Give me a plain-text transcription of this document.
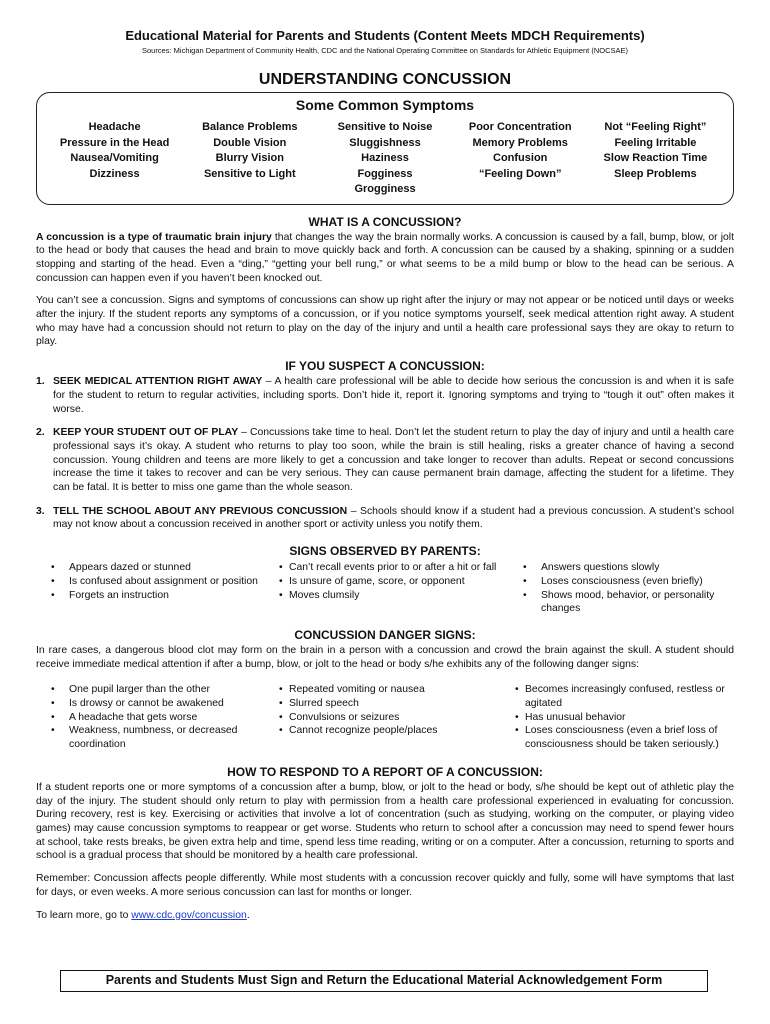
Educational Material for Parents and Students (Content Meets MDCH Requirements)
Sources: Michigan Department of Community Health, CDC and the National Operating Committee on Standards for Athletic Equipment (NOCSAE)
UNDERSTANDING CONCUSSION
Some Common Symptoms
Headache
Pressure in the Head
Nausea/Vomiting
Dizziness
Balance Problems
Double Vision
Blurry Vision
Sensitive to Light
Sensitive to Noise
Sluggishness
Haziness
Fogginess
Grogginess
Poor Concentration
Memory Problems
Confusion
“Feeling Down”
Not “Feeling Right”
Feeling Irritable
Slow Reaction Time
Sleep Problems
WHAT IS A CONCUSSION?

A concussion is a type of traumatic brain injury that changes the way the brain normally works. A concussion is caused by a fall, bump, blow, or jolt to the head or body that causes the head and brain to move quickly back and forth. A concussion can be caused by a shaking, spinning or a sudden stopping and starting of the head. Even a “ding,” “getting your bell rung,” or what seems to be a mild bump or blow to the head can be serious. A concussion can happen even if you haven’t been knocked out.

You can’t see a concussion. Signs and symptoms of concussions can show up right after the injury or may not appear or be noticed until days or weeks after the injury. If the student reports any symptoms of a concussion, or if you notice symptoms yourself, seek medical attention right away. A student who may have had a concussion should not return to play on the day of the injury and until a health care professional says they are okay to return to play.

IF YOU SUSPECT A CONCUSSION:
1. SEEK MEDICAL ATTENTION RIGHT AWAY – A health care professional will be able to decide how serious the concussion is and when it is safe for the student to return to regular activities, including sports. Don’t hide it, report it. Ignoring symptoms and trying to “tough it out” often makes it worse.
2. KEEP YOUR STUDENT OUT OF PLAY – Concussions take time to heal. Don’t let the student return to play the day of injury and until a health care professional says it’s okay. A student who returns to play too soon, while the brain is still healing, risks a greater chance of having a second concussion. Young children and teens are more likely to get a concussion and take longer to recover than adults. Repeat or second concussions increase the time it takes to recover and can be very serious. They can cause permanent brain damage, affecting the student for a lifetime. They can be fatal. It is better to miss one game than the whole season.
3. TELL THE SCHOOL ABOUT ANY PREVIOUS CONCUSSION – Schools should know if a student had a previous concussion. A student’s school may not know about a concussion received in another sport or activity unless you notify them.
SIGNS OBSERVED BY PARENTS:
• Appears dazed or stunned
• Is confused about assignment or position
• Forgets an instruction
• Can’t recall events prior to or after a hit or fall
• Is unsure of game, score, or opponent
• Moves clumsily
• Answers questions slowly
• Loses consciousness (even briefly)
• Shows mood, behavior, or personality changes
CONCUSSION DANGER SIGNS:

In rare cases, a dangerous blood clot may form on the brain in a person with a concussion and crowd the brain against the skull. A student should receive immediate medical attention if after a bump, blow, or jolt to the head or body s/he exhibits any of the following danger signs:

• One pupil larger than the other
• Is drowsy or cannot be awakened
• A headache that gets worse
• Weakness, numbness, or decreased coordination
• Repeated vomiting or nausea
• Slurred speech
• Convulsions or seizures
• Cannot recognize people/places
• Becomes increasingly confused, restless or agitated
• Has unusual behavior
• Loses consciousness (even a brief loss of consciousness should be taken seriously.)
HOW TO RESPOND TO A REPORT OF A CONCUSSION:

If a student reports one or more symptoms of a concussion after a bump, blow, or jolt to the head or body, s/he should be kept out of athletic play the day of the injury. The student should only return to play with permission from a health care professional experienced in evaluating for concussion. During recovery, rest is key. Exercising or activities that involve a lot of concentration (such as studying, working on the computer, or playing video games) may cause concussion symptoms to reappear or get worse. Students who return to school after a concussion may need to spend fewer hours at school, take rests breaks, be given extra help and time, spend less time reading, writing or on a computer. After a concussion, returning to sports and school is a gradual process that should be monitored by a health care professional.

Remember: Concussion affects people differently. While most students with a concussion recover quickly and fully, some will have symptoms that last for days, or even weeks. A more serious concussion can last for months or longer.

To learn more, go to www.cdc.gov/concussion.

Parents and Students Must Sign and Return the Educational Material Acknowledgement Form
